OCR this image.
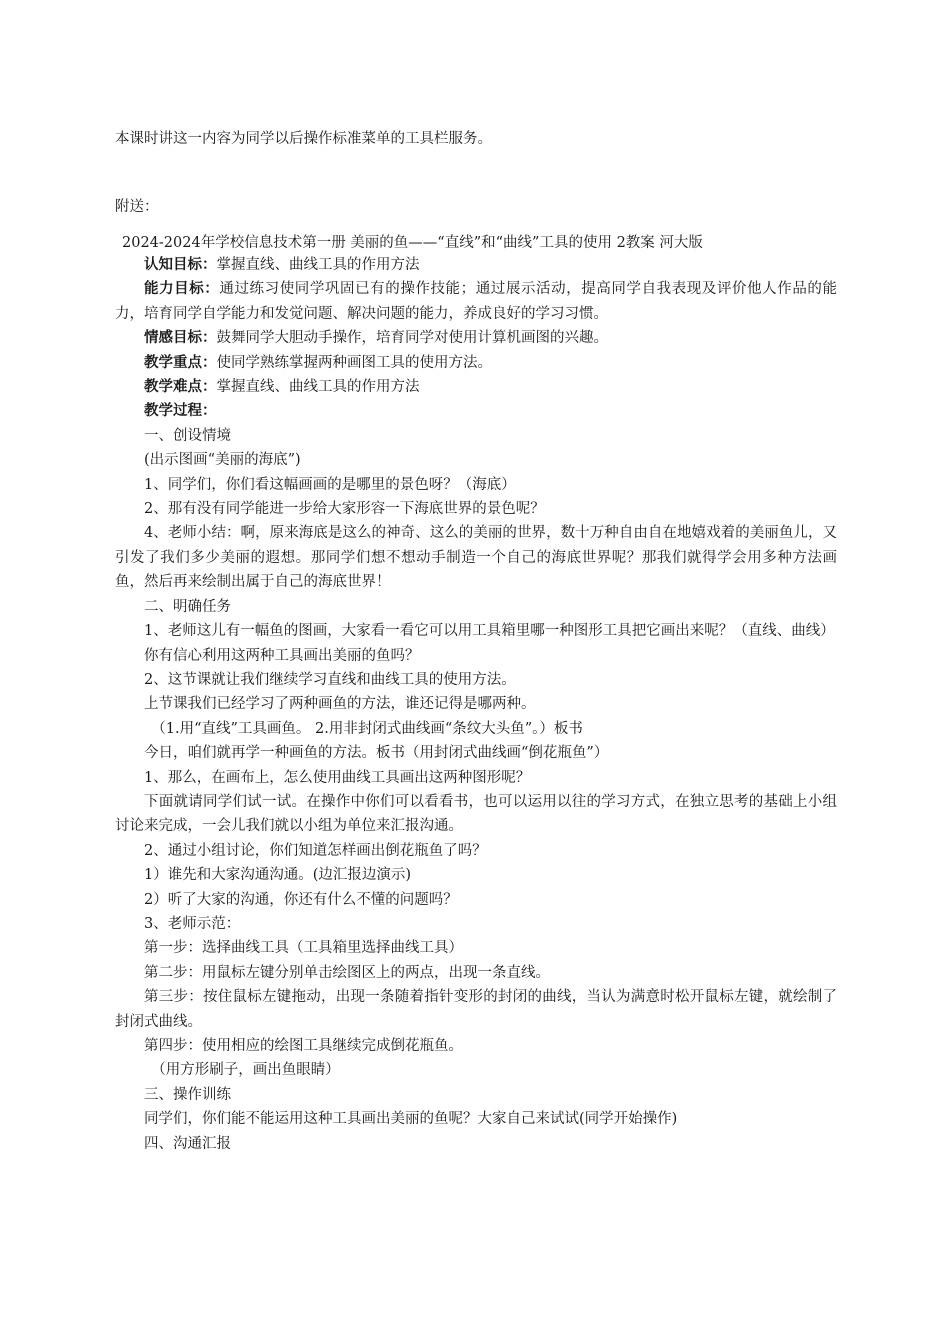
本课时讲这一内容为同学以后操作标准菜单的工具栏服务。
附送：
2024-2024年学校信息技术第一册 美丽的鱼——“直线”和“曲线”工具的使用 2教案 河大版

认知目标：掌握直线、曲线工具的作用方法

能力目标：通过练习使同学巩固已有的操作技能；通过展示活动，提高同学自我表现及评价他人作品的能力，培育同学自学能力和发觉问题、解决问题的能力，养成良好的学习习惯。

情感目标：鼓舞同学大胆动手操作，培育同学对使用计算机画图的兴趣。

教学重点：使同学熟练掌握两种画图工具的使用方法。

教学难点：掌握直线、曲线工具的作用方法

教学过程：

一、创设情境

(出示图画“美丽的海底”)

1、同学们，你们看这幅画画的是哪里的景色呀？（海底）

2、那有没有同学能进一步给大家形容一下海底世界的景色呢？

4、老师小结：啊，原来海底是这么的神奇、这么的美丽的世界，数十万种自由自在地嬉戏着的美丽鱼儿，又引发了我们多少美丽的遐想。那同学们想不想动手制造一个自己的海底世界呢？那我们就得学会用多种方法画鱼，然后再来绘制出属于自己的海底世界！

二、明确任务

1、老师这儿有一幅鱼的图画，大家看一看它可以用工具箱里哪一种图形工具把它画出来呢？（直线、曲线）

你有信心利用这两种工具画出美丽的鱼吗？

2、这节课就让我们继续学习直线和曲线工具的使用方法。

上节课我们已经学习了两种画鱼的方法，谁还记得是哪两种。

（1.用“直线”工具画鱼。 2.用非封闭式曲线画“条纹大头鱼”。）板书

今日，咱们就再学一种画鱼的方法。板书（用封闭式曲线画“倒花瓶鱼”）

1、那么，在画布上，怎么使用曲线工具画出这两种图形呢？

下面就请同学们试一试。在操作中你们可以看看书，也可以运用以往的学习方式，在独立思考的基础上小组讨论来完成，一会儿我们就以小组为单位来汇报沟通。

2、通过小组讨论，你们知道怎样画出倒花瓶鱼了吗？

1）谁先和大家沟通沟通。(边汇报边演示)

2）听了大家的沟通，你还有什么不懂的问题吗？

3、老师示范：

第一步：选择曲线工具（工具箱里选择曲线工具）

第二步：用鼠标左键分别单击绘图区上的两点，出现一条直线。

第三步：按住鼠标左键拖动，出现一条随着指针变形的封闭的曲线，当认为满意时松开鼠标左键，就绘制了封闭式曲线。

第四步：使用相应的绘图工具继续完成倒花瓶鱼。

（用方形刷子，画出鱼眼睛）

三、操作训练

同学们，你们能不能运用这种工具画出美丽的鱼呢？大家自己来试试(同学开始操作)

四、沟通汇报
